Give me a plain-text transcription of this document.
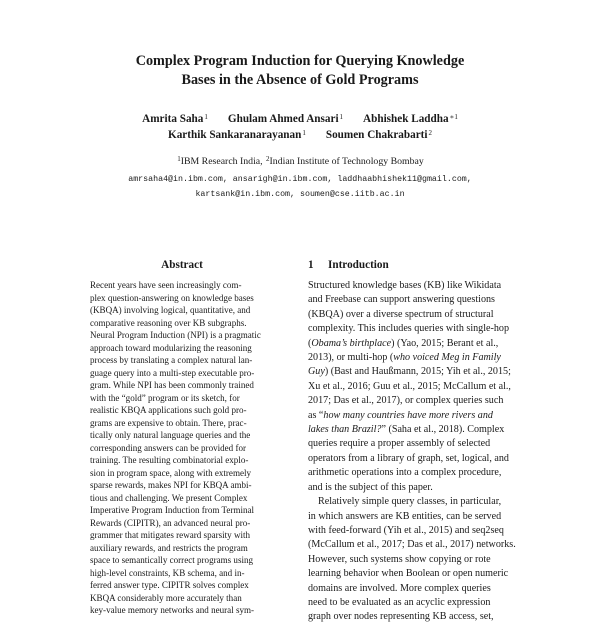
Complex Program Induction for Querying Knowledge
Bases in the Absence of Gold Programs
Amrita Saha$^1$ Ghulam Ahmed Ansari$^1$ Abhishek Laddha$^{∗1}$
Karthik Sankaranarayanan$^1$ Soumen Chakrabarti$^2$
$^1$IBM Research India, $^2$Indian Institute of Technology Bombay
amrsaha4@in.ibm.com, ansarigh@in.ibm.com, laddhaabhishek11@gmail.com,
kartsank@in.ibm.com, soumen@cse.iitb.ac.in
Abstract
Recent years have seen increasingly com-
plex question-answering on knowledge bases
(KBQA) involving logical, quantitative, and
comparative reasoning over KB subgraphs.
Neural Program Induction (NPI) is a pragmatic
approach toward modularizing the reasoning
process by translating a complex natural lan-
guage query into a multi-step executable pro-
gram. While NPI has been commonly trained
with the “gold” program or its sketch, for
realistic KBQA applications such gold pro-
grams are expensive to obtain. There, prac-
tically only natural language queries and the
corresponding answers can be provided for
training. The resulting combinatorial explo-
sion in program space, along with extremely
sparse rewards, makes NPI for KBQA ambi-
tious and challenging. We present Complex
Imperative Program Induction from Terminal
Rewards (CIPITR), an advanced neural pro-
grammer that mitigates reward sparsity with
auxiliary rewards, and restricts the program
space to semantically correct programs using
high-level constraints, KB schema, and in-
ferred answer type. CIPITR solves complex
KBQA considerably more accurately than
key-value memory networks and neural sym-
1 Introduction
Structured knowledge bases (KB) like Wikidata
and Freebase can support answering questions
(KBQA) over a diverse spectrum of structural
complexity. This includes queries with single-hop
(Obama’s birthplace) (Yao, 2015; Berant et al.,
2013), or multi-hop (who voiced Meg in Family
Guy) (Bast and Haußmann, 2015; Yih et al., 2015;
Xu et al., 2016; Guu et al., 2015; McCallum et al.,
2017; Das et al., 2017), or complex queries such
as “how many countries have more rivers and
lakes than Brazil?” (Saha et al., 2018). Complex
queries require a proper assembly of selected
operators from a library of graph, set, logical, and
arithmetic operations into a complex procedure,
and is the subject of this paper.
Relatively simple query classes, in particular,
in which answers are KB entities, can be served
with feed-forward (Yih et al., 2015) and seq2seq
(McCallum et al., 2017; Das et al., 2017) networks.
However, such systems show copying or rote
learning behavior when Boolean or open numeric
domains are involved. More complex queries
need to be evaluated as an acyclic expression
graph over nodes representing KB access, set,
